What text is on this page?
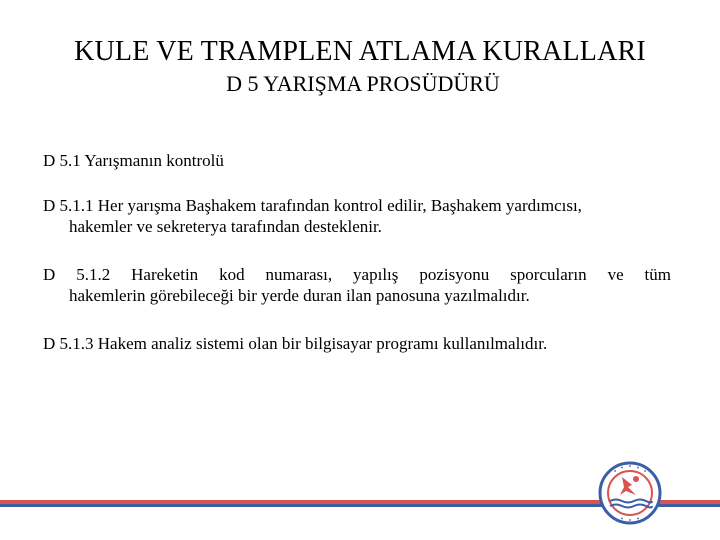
KULE VE TRAMPLEN ATLAMA KURALLARI
D 5 YARIŞMA PROSÜDÜRÜ
D 5.1 Yarışmanın kontrolü
D 5.1.1 Her yarışma Başhakem tarafından kontrol edilir, Başhakem yardımcısı,
hakemler ve sekreterya tarafından desteklenir.
D 5.1.2 Hareketin kod numarası, yapılış pozisyonu sporcuların ve tüm
hakemlerin görebileceği bir yerde duran ilan panosuna yazılmalıdır.
D 5.1.3 Hakem analiz sistemi olan bir bilgisayar programı kullanılmalıdır.
